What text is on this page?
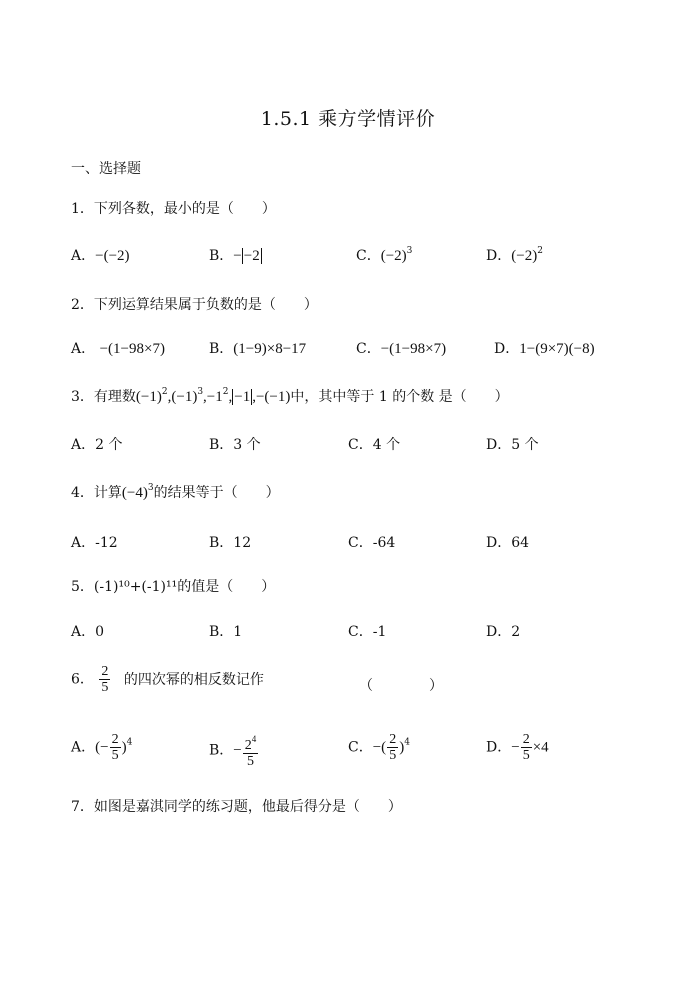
1.5.1 乘方学情评价
一、选择题
1．下列各数，最小的是（　　）
A．−(−2)	B．− −2	C．$(-2)^3$	D．$(-2)^2$
2．下列运算结果属于负数的是（　　）
A． −(1−98×7)	B．(1−9)×8−17	C．−(1−98×7)	D．1−(9×7)(−8)
3．有理数$(-1)^2,(-1)^3,-1^2$, −1 ,−(−1)中，其中等于 1 的个数 是（　　）
A．2 个	B．3 个	C．4 个	D．5 个
4．计算$(-4)^3$的结果等于（　　）
A．-12	B．12	C．-64	D．64
5．(-1)¹⁰+(-1)¹¹的值是（　　）
A．0	B．1	C．-1	D．2
6． $\frac{2}{5}$ 的四次幂的相反数记作	（　　　　）
A．(− $\frac{2}{5} )^4$	B．− $\frac{2^4}{5}$	C．−( $\frac{2}{5} )^4$	D．− $\frac{2}{5} \times 4$
7．如图是嘉淇同学的练习题，他最后得分是（　　）
